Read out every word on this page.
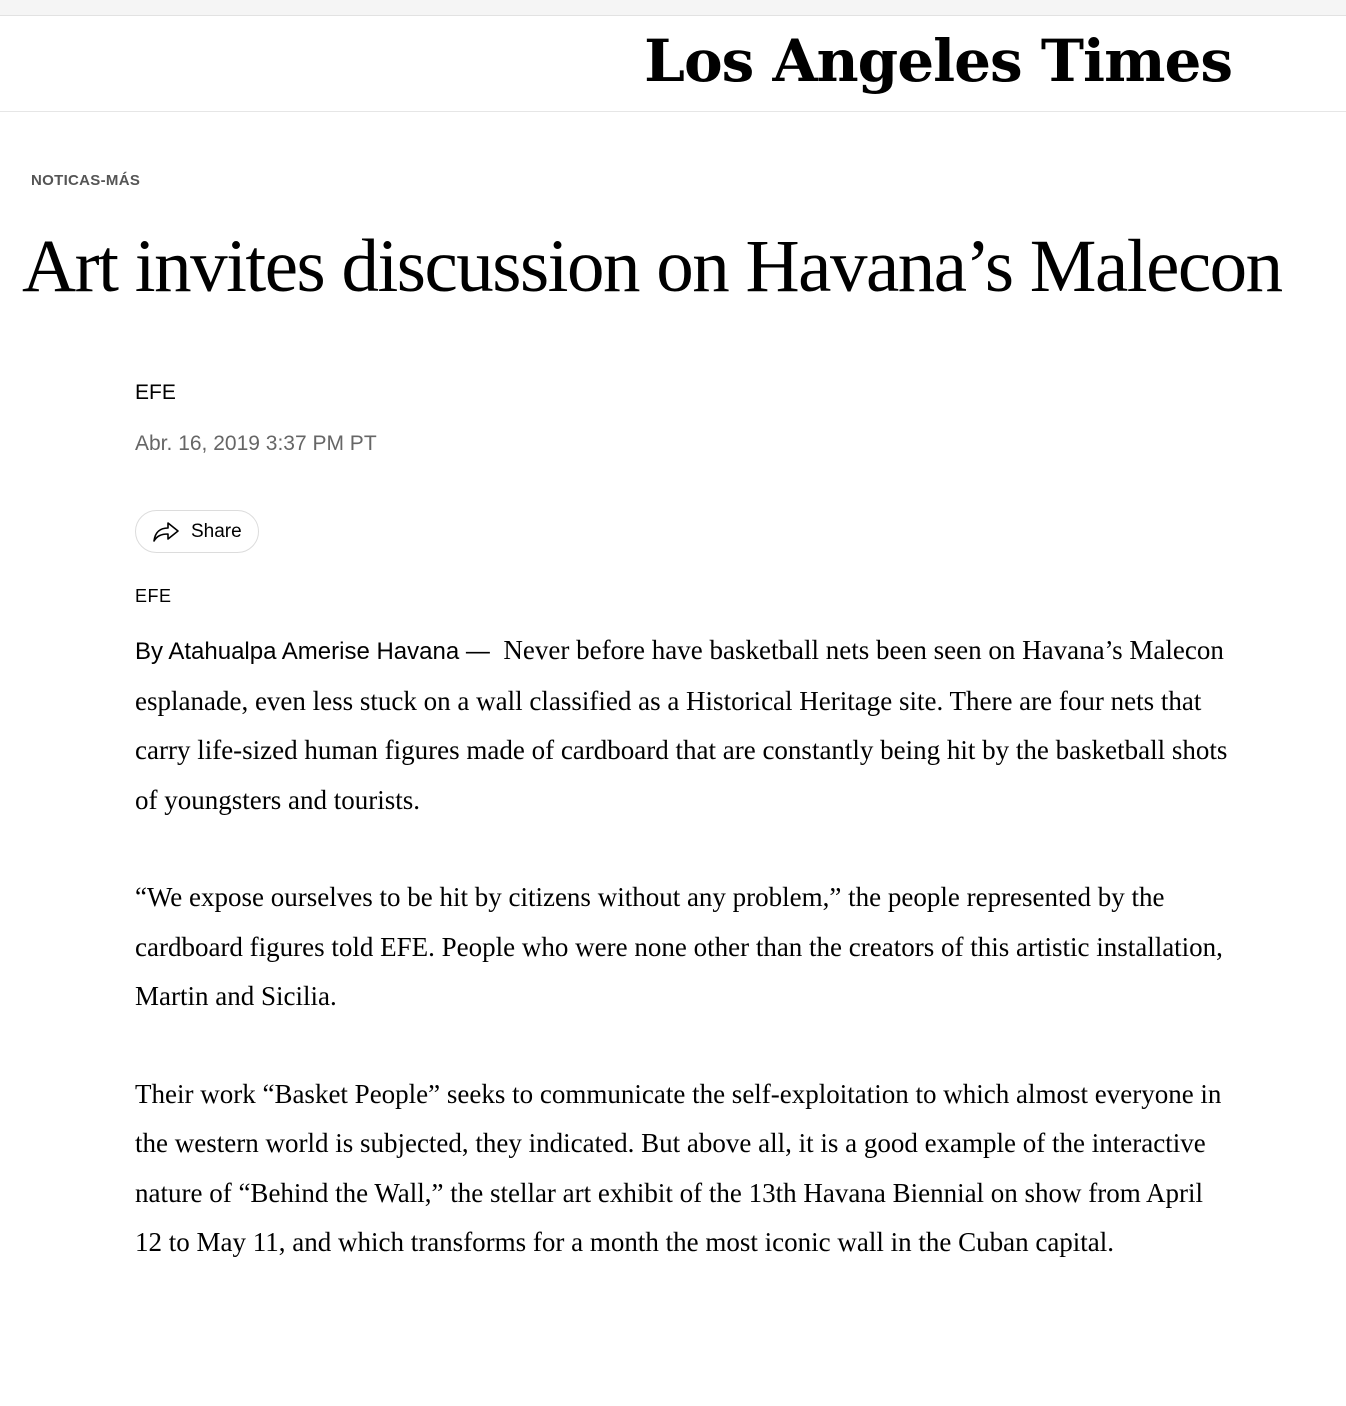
Los Angeles Times
NOTICAS-MÁS
Art invites discussion on Havana’s Malecon
EFE
Abr. 16, 2019 3:37 PM PT
Share
EFE

By Atahualpa Amerise Havana — Never before have basketball nets been seen on Havana’s Malecon esplanade, even less stuck on a wall classified as a Historical Heritage site. There are four nets that carry life-sized human figures made of cardboard that are constantly being hit by the basketball shots of youngsters and tourists.

“We expose ourselves to be hit by citizens without any problem,” the people represented by the cardboard figures told EFE. People who were none other than the creators of this artistic installation, Martin and Sicilia.

Their work “Basket People” seeks to communicate the self-exploitation to which almost everyone in the western world is subjected, they indicated. But above all, it is a good example of the interactive nature of “Behind the Wall,” the stellar art exhibit of the 13th Havana Biennial on show from April 12 to May 11, and which transforms for a month the most iconic wall in the Cuban capital.
